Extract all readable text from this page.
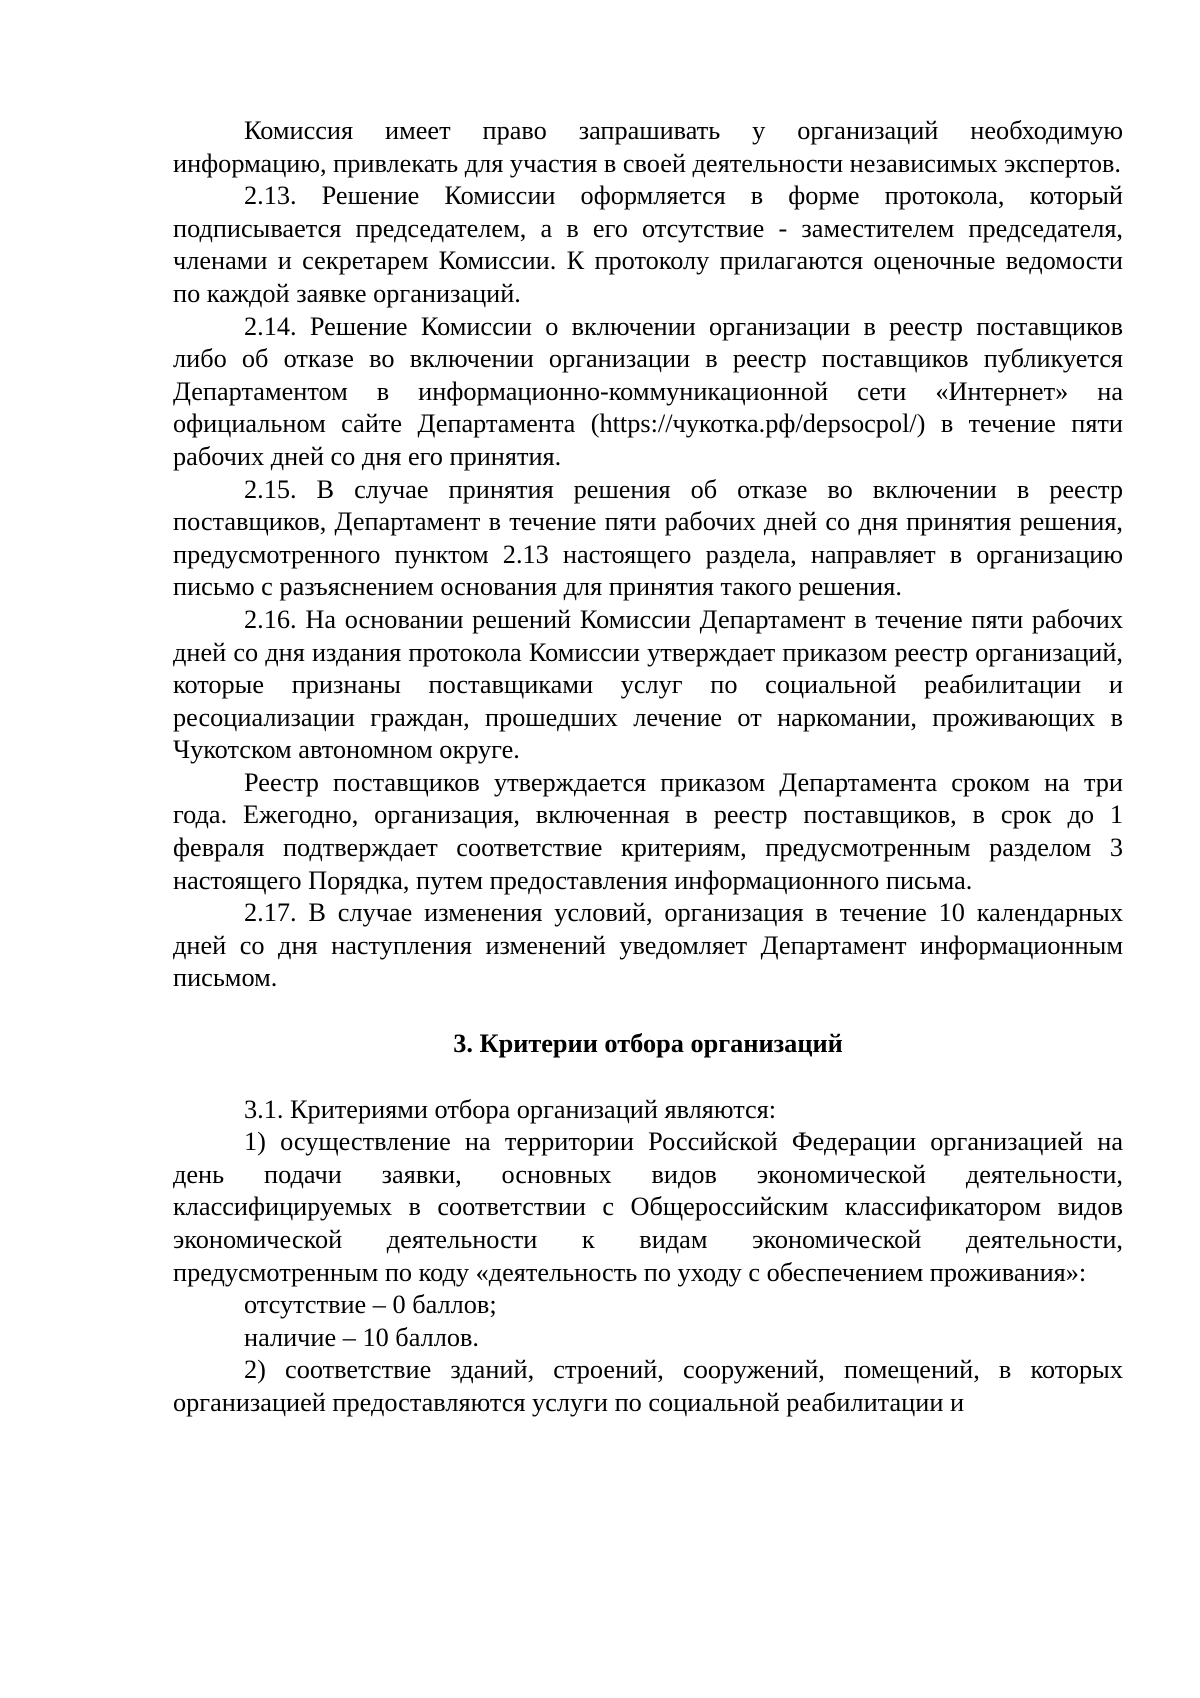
Комиссия имеет право запрашивать у организаций необходимую информацию, привлекать для участия в своей деятельности независимых экспертов.

2.13. Решение Комиссии оформляется в форме протокола, который подписывается председателем, а в его отсутствие - заместителем председателя, членами и секретарем Комиссии. К протоколу прилагаются оценочные ведомости по каждой заявке организаций.

2.14. Решение Комиссии о включении организации в реестр поставщиков либо об отказе во включении организации в реестр поставщиков публикуется Департаментом в информационно-коммуникационной сети «Интернет» на официальном сайте Департамента (https://чукотка.рф/depsocpol/) в течение пяти рабочих дней со дня его принятия.

2.15. В случае принятия решения об отказе во включении в реестр поставщиков, Департамент в течение пяти рабочих дней со дня принятия решения, предусмотренного пунктом 2.13 настоящего раздела, направляет в организацию письмо с разъяснением основания для принятия такого решения.

2.16. На основании решений Комиссии Департамент в течение пяти рабочих дней со дня издания протокола Комиссии утверждает приказом реестр организаций, которые признаны поставщиками услуг по социальной реабилитации и ресоциализации граждан, прошедших лечение от наркомании, проживающих в Чукотском автономном округе.

Реестр поставщиков утверждается приказом Департамента сроком на три года. Ежегодно, организация, включенная в реестр поставщиков, в срок до 1 февраля подтверждает соответствие критериям, предусмотренным разделом 3 настоящего Порядка, путем предоставления информационного письма.

2.17. В случае изменения условий, организация в течение 10 календарных дней со дня наступления изменений уведомляет Департамент информационным письмом.

3. Критерии отбора организаций

3.1. Критериями отбора организаций являются:

1) осуществление на территории Российской Федерации организацией на день подачи заявки, основных видов экономической деятельности, классифицируемых в соответствии с Общероссийским классификатором видов экономической деятельности к видам экономической деятельности, предусмотренным по коду «деятельность по уходу с обеспечением проживания»:

отсутствие – 0 баллов;

наличие – 10 баллов.

2) соответствие зданий, строений, сооружений, помещений, в которых организацией предоставляются услуги по социальной реабилитации и
